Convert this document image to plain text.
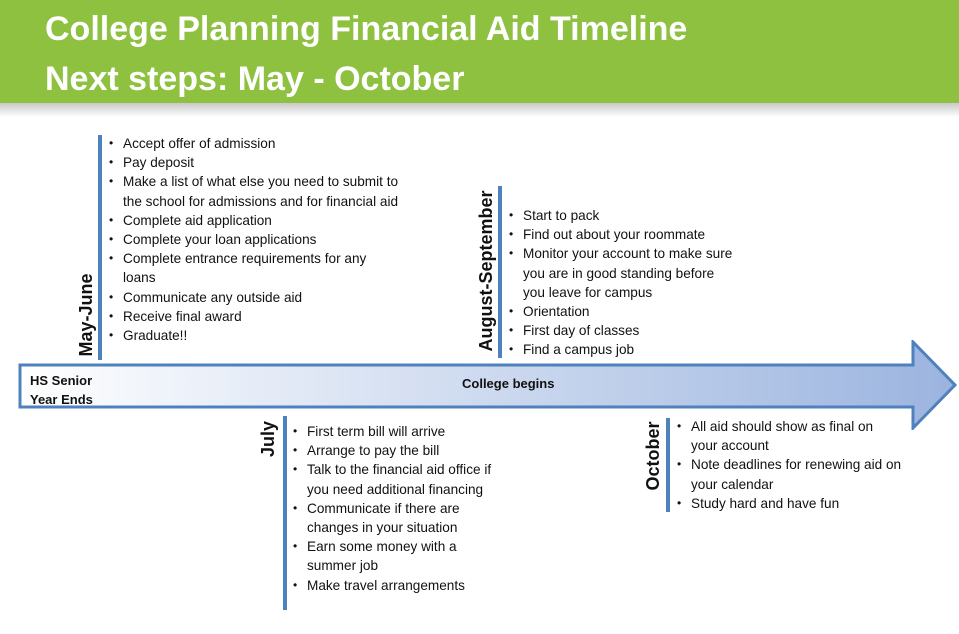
College Planning Financial Aid Timeline
Next steps: May - October
HS Senior
Year Ends
College begins
May-June
• Accept offer of admission
• Pay deposit
• Make a list of what else you need to submit to the school for admissions and for financial aid
• Complete aid application
• Complete your loan applications
• Complete entrance requirements for any loans
• Communicate any outside aid
• Receive final award
• Graduate!!	August-September	• Start to pack
• Find out about your roommate
• Monitor your account to make sure you are in good standing before you leave for campus
• Orientation
• First day of classes
• Find a campus job
July	• First term bill will arrive
• Arrange to pay the bill
• Talk to the financial aid office if you need additional financing
• Communicate if there are changes in your situation
• Earn some money with a summer job
• Make travel arrangements
October	• All aid should show as final on your account
• Note deadlines for renewing aid on your calendar
• Study hard and have fun
